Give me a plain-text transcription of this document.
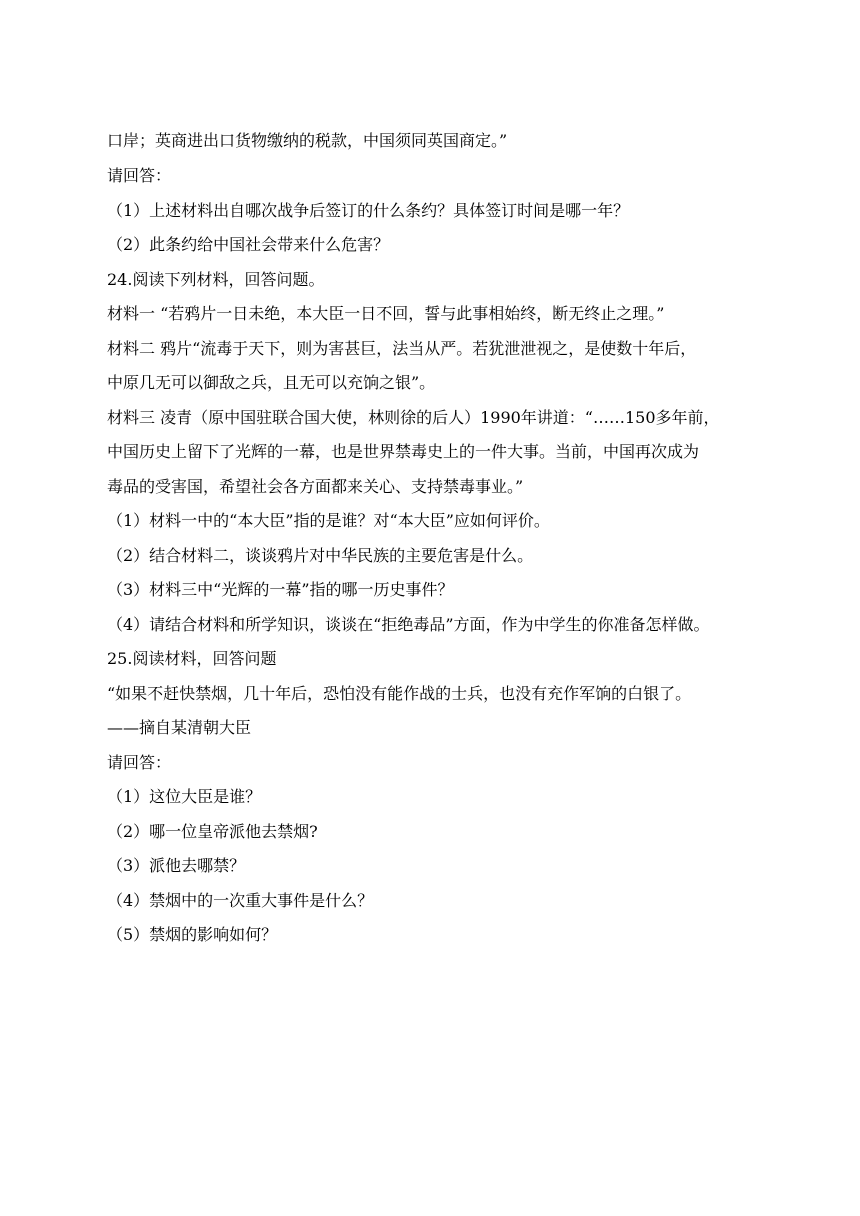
口岸；英商进出口货物缴纳的税款，中国须同英国商定。”
请回答：
（1）上述材料出自哪次战争后签订的什么条约？具体签订时间是哪一年？
（2）此条约给中国社会带来什么危害？
24.阅读下列材料，回答问题。
材料一 “若鸦片一日未绝，本大臣一日不回，誓与此事相始终，断无终止之理。”
材料二 鸦片“流毒于天下，则为害甚巨，法当从严。若犹泄泄视之，是使数十年后，
中原几无可以御敌之兵，且无可以充饷之银”。
材料三 凌青（原中国驻联合国大使，林则徐的后人）1990年讲道：“……150多年前，
中国历史上留下了光辉的一幕，也是世界禁毒史上的一件大事。当前，中国再次成为
毒品的受害国，希望社会各方面都来关心、支持禁毒事业。”
（1）材料一中的“本大臣”指的是谁？对“本大臣”应如何评价。
（2）结合材料二，谈谈鸦片对中华民族的主要危害是什么。
（3）材料三中“光辉的一幕”指的哪一历史事件？
（4）请结合材料和所学知识，谈谈在“拒绝毒品”方面，作为中学生的你准备怎样做。
25.阅读材料，回答问题
“如果不赶快禁烟，几十年后，恐怕没有能作战的士兵，也没有充作军饷的白银了。
——摘自某清朝大臣
请回答：
（1）这位大臣是谁？
（2）哪一位皇帝派他去禁烟?
（3）派他去哪禁？
（4）禁烟中的一次重大事件是什么？
（5）禁烟的影响如何？
